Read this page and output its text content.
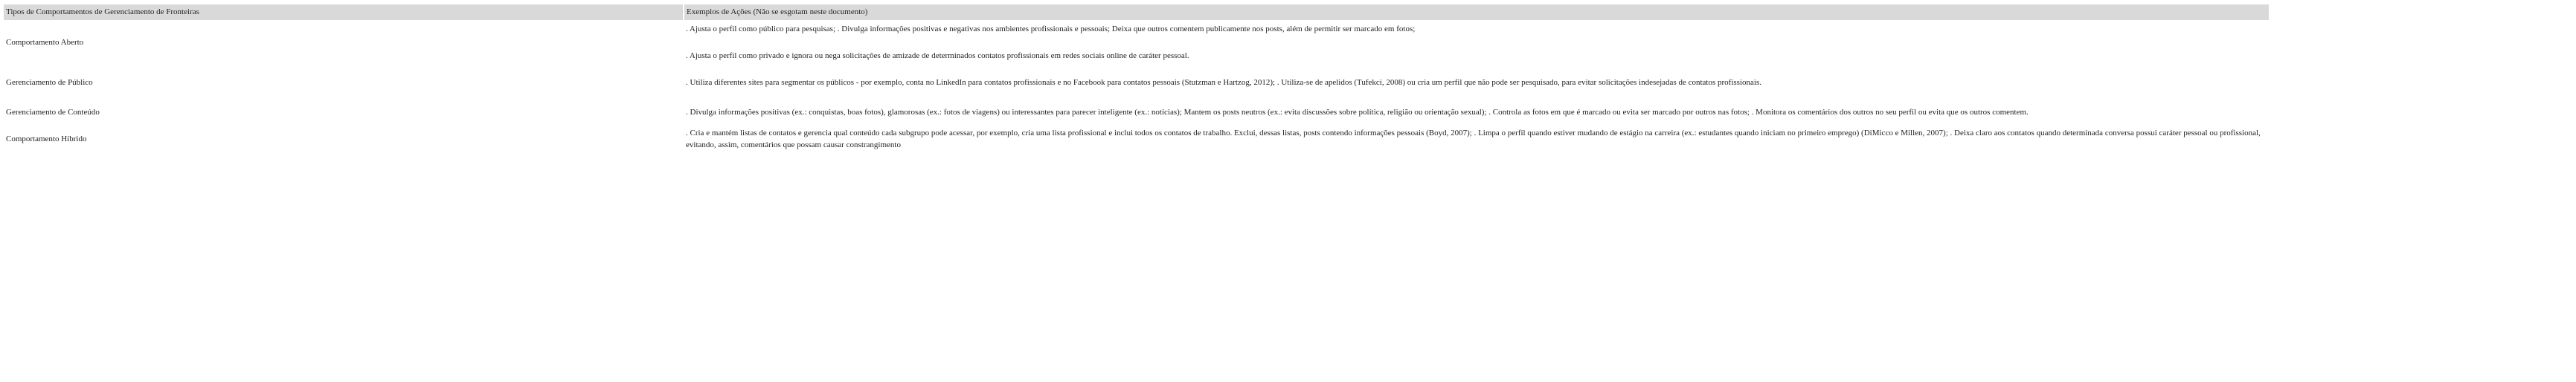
Tipos de Comportamentos de Gerenciamento de Fronteiras	Exemplos de Ações (Não se esgotam neste documento)
Comportamento Aberto	. Ajusta o perfil como público para pesquisas; . Divulga informações positivas e negativas nos ambientes profissionais e pessoais; Deixa que outros comentem publicamente nos posts, além de permitir ser marcado em fotos;
. Ajusta o perfil como privado e ignora ou nega solicitações de amizade de determinados contatos profissionais em redes sociais online de caráter pessoal.

Gerenciamento de Público	. Utiliza diferentes sites para segmentar os públicos - por exemplo, conta no LinkedIn para contatos profissionais e no Facebook para contatos pessoais (Stutzman e Hartzog, 2012); . Utiliza-se de apelidos (Tufekci, 2008) ou cria um perfil que não pode ser pesquisado, para evitar solicitações indesejadas de contatos profissionais.

Gerenciamento de Conteúdo	. Divulga informações positivas (ex.: conquistas, boas fotos), glamorosas (ex.: fotos de viagens) ou interessantes para parecer inteligente (ex.: notícias); Mantem os posts neutros (ex.: evita discussões sobre política, religião ou orientação sexual); . Controla as fotos em que é marcado ou evita ser marcado por outros nas fotos; . Monitora os comentários dos outros no seu perfil ou evita que os outros comentem.

Comportamento Híbrido	. Cria e mantém listas de contatos e gerencia qual conteúdo cada subgrupo pode acessar, por exemplo, cria uma lista profissional e inclui todos os contatos de trabalho. Exclui, dessas listas, posts contendo informações pessoais (Boyd, 2007); . Limpa o perfil quando estiver mudando de estágio na carreira (ex.: estudantes quando iniciam no primeiro emprego) (DiMicco e Millen, 2007); . Deixa claro aos contatos quando determinada conversa possui caráter pessoal ou profissional, evitando, assim, comentários que possam causar constrangimento
